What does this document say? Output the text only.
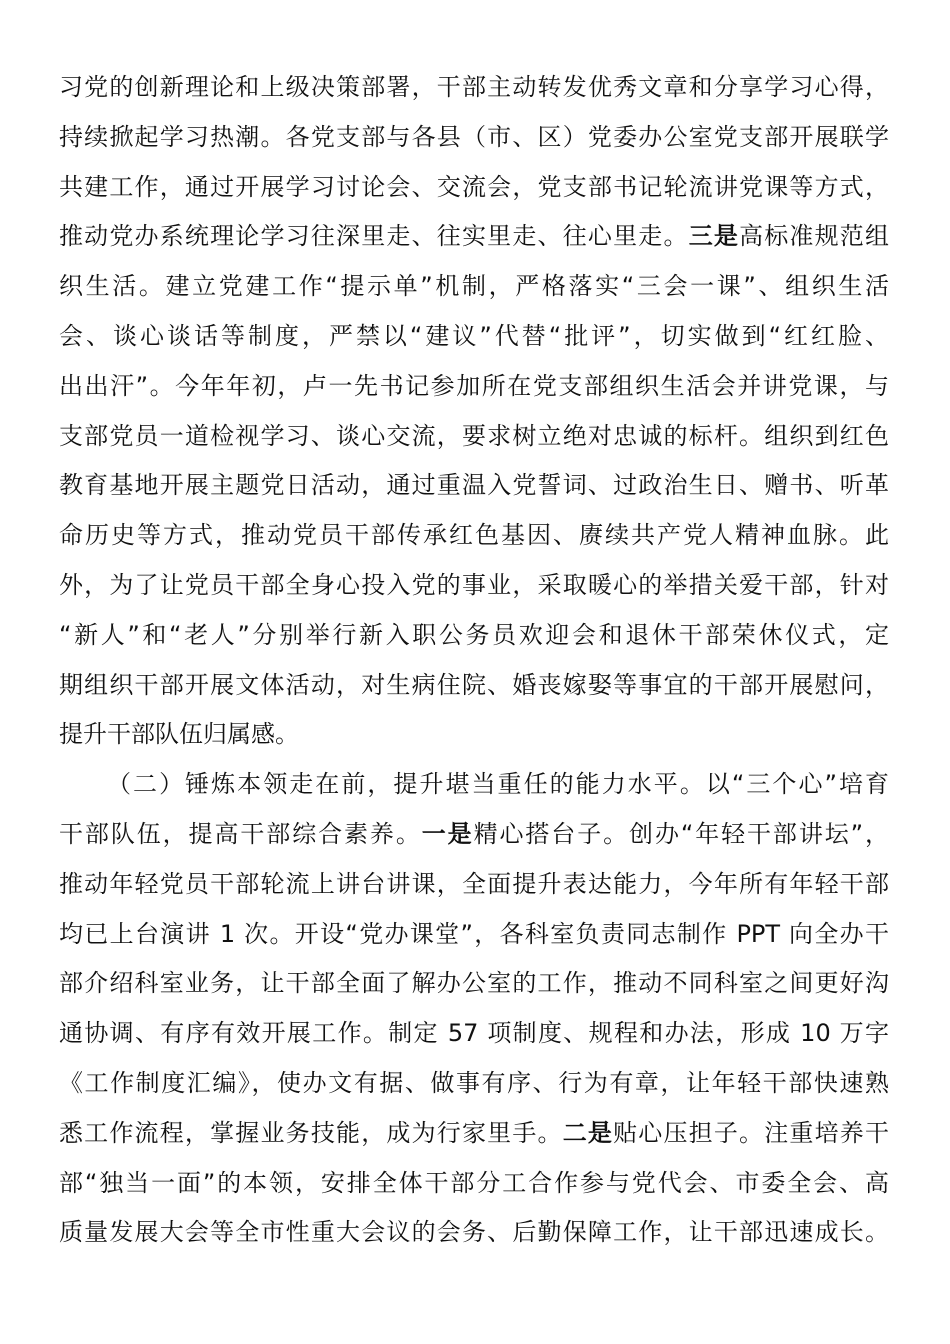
习党的创新理论和上级决策部署，干部主动转发优秀文章和分享学习心得，
持续掀起学习热潮。各党支部与各县（市、区）党委办公室党支部开展联学
共建工作，通过开展学习讨论会、交流会，党支部书记轮流讲党课等方式，
推动党办系统理论学习往深里走、往实里走、往心里走。三是高标准规范组
织生活。建立党建工作“提示单”机制，严格落实“三会一课”、组织生活
会、谈心谈话等制度，严禁以“建议”代替“批评”，切实做到“红红脸、
出出汗”。今年年初，卢一先书记参加所在党支部组织生活会并讲党课，与
支部党员一道检视学习、谈心交流，要求树立绝对忠诚的标杆。组织到红色
教育基地开展主题党日活动，通过重温入党誓词、过政治生日、赠书、听革
命历史等方式，推动党员干部传承红色基因、赓续共产党人精神血脉。此
外，为了让党员干部全身心投入党的事业，采取暖心的举措关爱干部，针对
“新人”和“老人”分别举行新入职公务员欢迎会和退休干部荣休仪式，定
期组织干部开展文体活动，对生病住院、婚丧嫁娶等事宜的干部开展慰问，
提升干部队伍归属感。
（二）锤炼本领走在前，提升堪当重任的能力水平。以“三个心”培育
干部队伍，提高干部综合素养。一是精心搭台子。创办“年轻干部讲坛”，
推动年轻党员干部轮流上讲台讲课，全面提升表达能力，今年所有年轻干部
均已上台演讲 1 次。开设“党办课堂”，各科室负责同志制作 PPT 向全办干
部介绍科室业务，让干部全面了解办公室的工作，推动不同科室之间更好沟
通协调、有序有效开展工作。制定 57 项制度、规程和办法，形成 10 万字
《工作制度汇编》，使办文有据、做事有序、行为有章，让年轻干部快速熟
悉工作流程，掌握业务技能，成为行家里手。二是贴心压担子。注重培养干
部“独当一面”的本领，安排全体干部分工合作参与党代会、市委全会、高
质量发展大会等全市性重大会议的会务、后勤保障工作，让干部迅速成长。
